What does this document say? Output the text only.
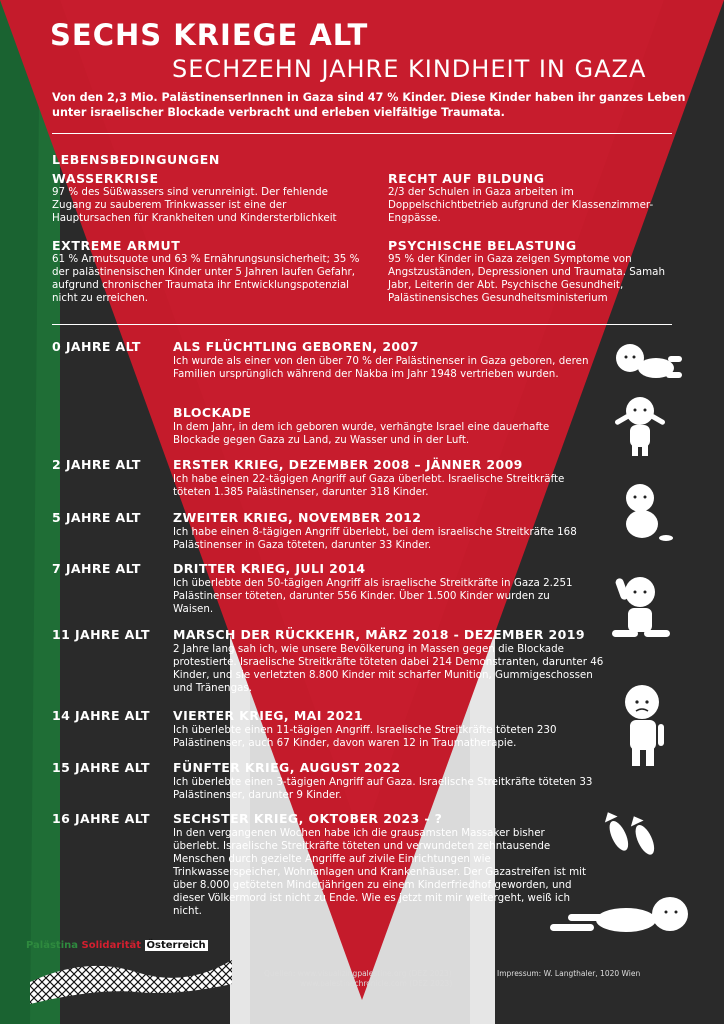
SECHS KRIEGE ALT
SECHZEHN JAHRE KINDHEIT IN GAZA
Von den 2,3 Mio. PalästinenserInnen in Gaza sind 47 % Kinder. Diese Kinder haben ihr ganzes Leben unter israelischer Blockade verbracht und erleben vielfältige Traumata.
LEBENSBEDINGUNGEN
WASSERKRISE
97 % des Süßwassers sind verunreinigt. Der fehlende Zugang zu sauberem Trinkwasser ist eine der Hauptursachen für Krankheiten und Kindersterblichkeit
EXTREME ARMUT
61 % Armutsquote und 63 % Ernährungsunsicherheit; 35 % der palästinensischen Kinder unter 5 Jahren laufen Gefahr, aufgrund chronischer Traumata ihr Entwicklungspotenzial nicht zu erreichen.
RECHT AUF BILDUNG
2/3 der Schulen in Gaza arbeiten im Doppelschichtbetrieb aufgrund der Klassenzimmer-Engpässe.
PSYCHISCHE BELASTUNG
95 % der Kinder in Gaza zeigen Symptome von Angstzuständen, Depressionen und Traumata. Samah Jabr, Leiterin der Abt. Psychische Gesundheit, Palästinensisches Gesundheitsministerium
0 JAHRE ALT	ALS FLÜCHTLING GEBOREN, 2007
Ich wurde als einer von den über 70 % der Palästinenser in Gaza geboren, deren Familien ursprünglich während der Nakba im Jahr 1948 vertrieben wurden.
BLOCKADE
In dem Jahr, in dem ich geboren wurde, verhängte Israel eine dauerhafte Blockade gegen Gaza zu Land, zu Wasser und in der Luft.
2 JAHRE ALT	ERSTER KRIEG, DEZEMBER 2008 – JÄNNER 2009
Ich habe einen 22-tägigen Angriff auf Gaza überlebt. Israelische Streitkräfte töteten 1.385 Palästinenser, darunter 318 Kinder.
5 JAHRE ALT	ZWEITER KRIEG, NOVEMBER 2012
Ich habe einen 8-tägigen Angriff überlebt, bei dem israelische Streitkräfte 168 Palästinenser in Gaza töteten, darunter 33 Kinder.
7 JAHRE ALT	DRITTER KRIEG, JULI 2014
Ich überlebte den 50-tägigen Angriff als israelische Streitkräfte in Gaza 2.251 Palästinenser töteten, darunter 556 Kinder. Über 1.500 Kinder wurden zu Waisen.
11 JAHRE ALT MARSCH DER RÜCKKEHR, MÄRZ 2018 - DEZEMBER 2019
2 Jahre lang sah ich, wie unsere Bevölkerung in Massen gegen die Blockade protestierte. Israelische Streitkräfte töteten dabei 214 Demonstranten, darunter 46 Kinder, und sie verletzten 8.800 Kinder mit scharfer Munition, Gummigeschossen und Tränengas.
14 JAHRE ALT VIERTER KRIEG, MAI 2021
Ich überlebte einen 11-tägigen Angriff. Israelische Streitkräfte töteten 230 Palästinenser, auch 67 Kinder, davon waren 12 in Traumatherapie.
15 JAHRE ALT FÜNFTER KRIEG, AUGUST 2022
Ich überlebte einen 3-tägigen Angriff auf Gaza. Israelische Streitkräfte töteten 33 Palästinenser, darunter 9 Kinder.
16 JAHRE ALT SECHSTER KRIEG, OKTOBER 2023 - ?
In den vergangenen Wochen habe ich die grausamsten Massaker bisher überlebt. Israelische Streitkräfte töteten und verwundeten zehntausende Menschen durch gezielte Angriffe auf zivile Einrichtungen wie Trinkwasserspeicher, Wohnanlagen und Krankenhäuser. Der Gazastreifen ist mit über 8.000 getöteten Minderjährigen zu einem Kinderfriedhof geworden, und dieser Völkermord ist nicht zu Ende. Wie es jetzt mit mir weitergeht, weiß ich nicht.
Palästina Solidarität Österreich
Quellen: www.visualizingpalestine.org (DEZ 2023)
www.palestinechronicle.com (DEZ 2023)
Impressum: W. Langthaler, 1020 Wien
